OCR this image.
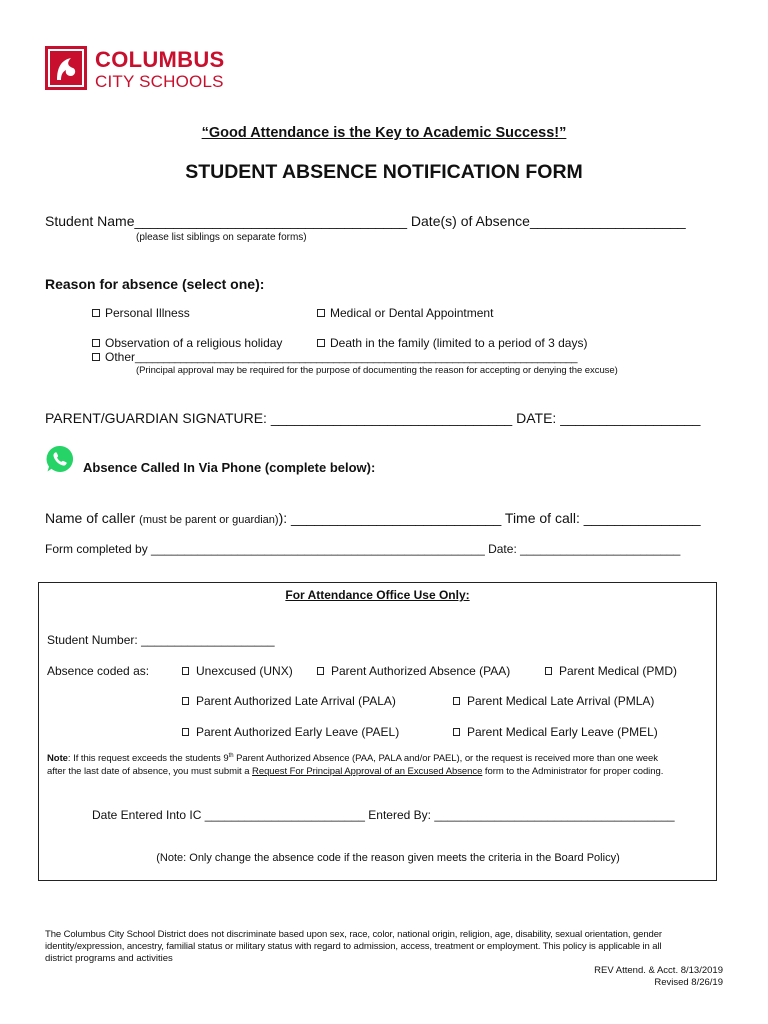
COLUMBUS
CITY SCHOOLS
“Good Attendance is the Key to Academic Success!”
STUDENT ABSENCE NOTIFICATION FORM
Student Name___________________________________ Date(s) of Absence____________________
(please list siblings on separate forms)
Reason for absence (select one):
Personal Illness	Medical or Dental Appointment
Observation of a religious holiday	Death in the family (limited to a period of 3 days)
Other______________________________________________________________________________
(Principal approval may be required for the purpose of documenting the reason for accepting or denying the excuse)
PARENT/GUARDIAN SIGNATURE: _______________________________ DATE: __________________
Absence Called In Via Phone (complete below):
Name of caller (must be parent or guardian)): ___________________________ Time of call: _______________
Form completed by __________________________________________________ Date: ________________________
For Attendance Office Use Only:
Student Number: ____________________
Absence coded as:	Unexcused (UNX)	Parent Authorized Absence (PAA)	Parent Medical (PMD)
Parent Authorized Late Arrival (PALA)	Parent Medical Late Arrival (PMLA)
Parent Authorized Early Leave (PAEL)	Parent Medical Early Leave (PMEL)
Note: If this request exceeds the students 9th Parent Authorized Absence (PAA, PALA and/or PAEL), or the request is received more than one week
after the last date of absence, you must submit a Request For Principal Approval of an Excused Absence form to the Administrator for proper coding.
Date Entered Into IC ________________________ Entered By: ____________________________________
(Note: Only change the absence code if the reason given meets the criteria in the Board Policy)
The Columbus City School District does not discriminate based upon sex, race, color, national origin, religion, age, disability, sexual orientation, gender
identity/expression, ancestry, familial status or military status with regard to admission, access, treatment or employment. This policy is applicable in all
district programs and activities
REV Attend. & Acct. 8/13/2019
Revised 8/26/19
